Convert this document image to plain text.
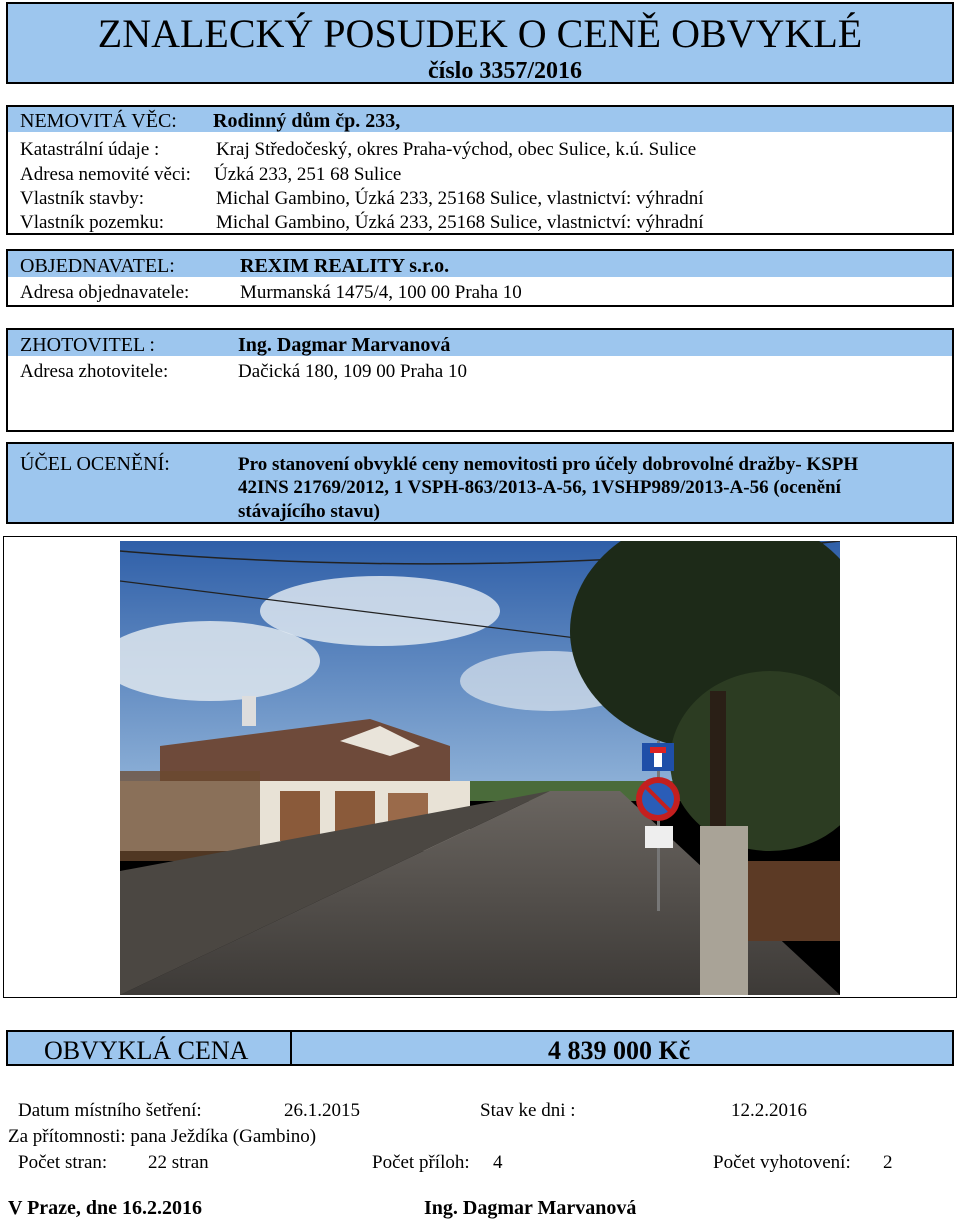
ZNALECKÝ POSUDEK O CENĚ OBVYKLÉ
číslo 3357/2016
NEMOVITÁ VĚC: Rodinný dům čp. 233,
Katastrální údaje :	Kraj Středočeský, okres Praha-východ, obec Sulice, k.ú. Sulice
Adresa nemovité věci: Úzká 233, 251 68 Sulice
Vlastník stavby:	Michal Gambino, Úzká 233, 25168 Sulice, vlastnictví: výhradní
Vlastník pozemku:	Michal Gambino, Úzká 233, 25168 Sulice, vlastnictví: výhradní
OBJEDNAVATEL:	REXIM REALITY s.r.o.
Adresa objednavatele:	Murmanská 1475/4, 100 00 Praha 10
ZHOTOVITEL :	Ing. Dagmar Marvanová
Adresa zhotovitele:	Dačická 180, 109 00 Praha 10
ÚČEL OCENĚNÍ:	Pro stanovení obvyklé ceny nemovitosti pro účely dobrovolné dražby- KSPH
42INS 21769/2012, 1 VSPH-863/2013-A-56, 1VSHP989/2013-A-56 (ocenění
stávajícího stavu)
OBVYKLÁ CENA	4 839 000 Kč
Datum místního šetření:	26.1.2015	Stav ke dni :	12.2.2016
Za přítomnosti: pana Ježdíka (Gambino)
Počet stran: 22 stran	Počet příloh: 4	Počet vyhotovení: 2
V Praze, dne 16.2.2016	Ing. Dagmar Marvanová
